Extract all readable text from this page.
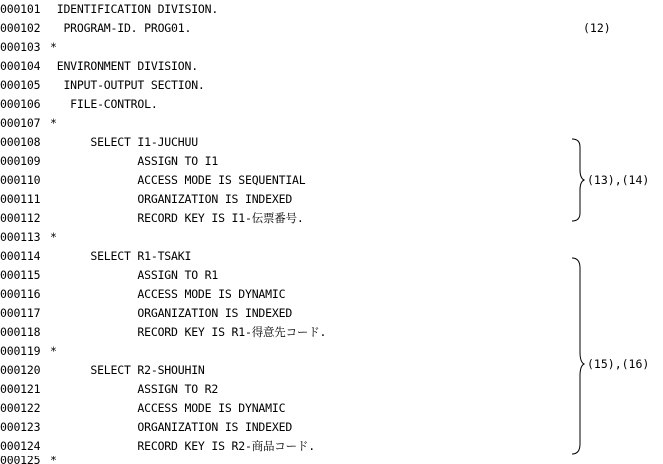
000101 IDENTIFICATION DIVISION.
000102  PROGRAM-ID. PROG01.
000103 *
000104 ENVIRONMENT DIVISION.
000105  INPUT-OUTPUT SECTION.
000106   FILE-CONTROL.
000107 *
000108      SELECT I1-JUCHUU
000109             ASSIGN TO I1
000110             ACCESS MODE IS SEQUENTIAL
000111             ORGANIZATION IS INDEXED
000112             RECORD KEY IS I1-伝票番号.
000113 *
000114      SELECT R1-TSAKI
000115             ASSIGN TO R1
000116             ACCESS MODE IS DYNAMIC
000117             ORGANIZATION IS INDEXED
000118             RECORD KEY IS R1-得意先コード.
000119 *
000120      SELECT R2-SHOUHIN
000121             ASSIGN TO R2
000122             ACCESS MODE IS DYNAMIC
000123             ORGANIZATION IS INDEXED
000124             RECORD KEY IS R2-商品コード.
000125 *
(12)
(13),(14)
(15),(16)
